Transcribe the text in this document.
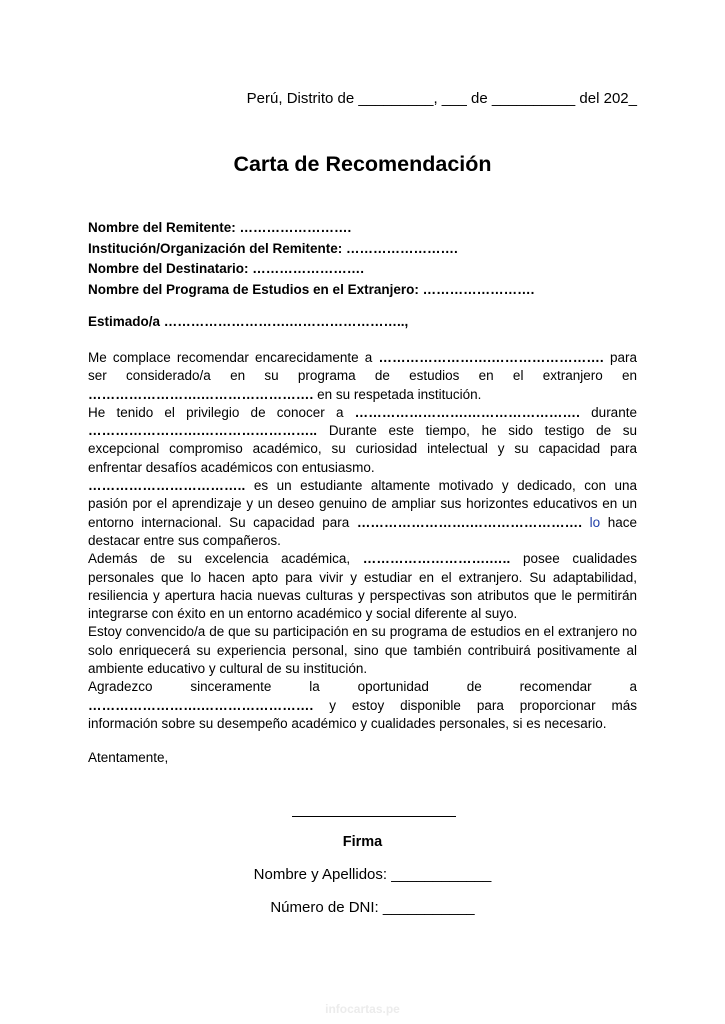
Perú, Distrito de _________, ___ de __________ del 202_
Carta de Recomendación
Nombre del Remitente: …………………….
Institución/Organización del Remitente: …………………….
Nombre del Destinatario: …………………….
Nombre del Programa de Estudios en el Extranjero: …………………….
Estimado/a ……………………….……………………..,

Me complace recomendar encarecidamente a …………………….……………………. para ser considerado/a en su programa de estudios en el extranjero en …………………….……………………. en su respetada institución.

He tenido el privilegio de conocer a …………………….……………………. durante …………………….…………………….. Durante este tiempo, he sido testigo de su excepcional compromiso académico, su curiosidad intelectual y su capacidad para enfrentar desafíos académicos con entusiasmo.

…………………………….. es un estudiante altamente motivado y dedicado, con una pasión por el aprendizaje y un deseo genuino de ampliar sus horizontes educativos en un entorno internacional. Su capacidad para …………………….……………………. lo hace destacar entre sus compañeros.

Además de su excelencia académica, ……………………….….. posee cualidades personales que lo hacen apto para vivir y estudiar en el extranjero. Su adaptabilidad, resiliencia y apertura hacia nuevas culturas y perspectivas son atributos que le permitirán integrarse con éxito en un entorno académico y social diferente al suyo.

Estoy convencido/a de que su participación en su programa de estudios en el extranjero no solo enriquecerá su experiencia personal, sino que también contribuirá positivamente al ambiente educativo y cultural de su institución.

Agradezco sinceramente la oportunidad de recomendar a …………………….……………………. y estoy disponible para proporcionar más información sobre su desempeño académico y cualidades personales, si es necesario.

Atentamente,
Firma
Nombre y Apellidos: ____________
Número de DNI: ___________
infocartas.pe
